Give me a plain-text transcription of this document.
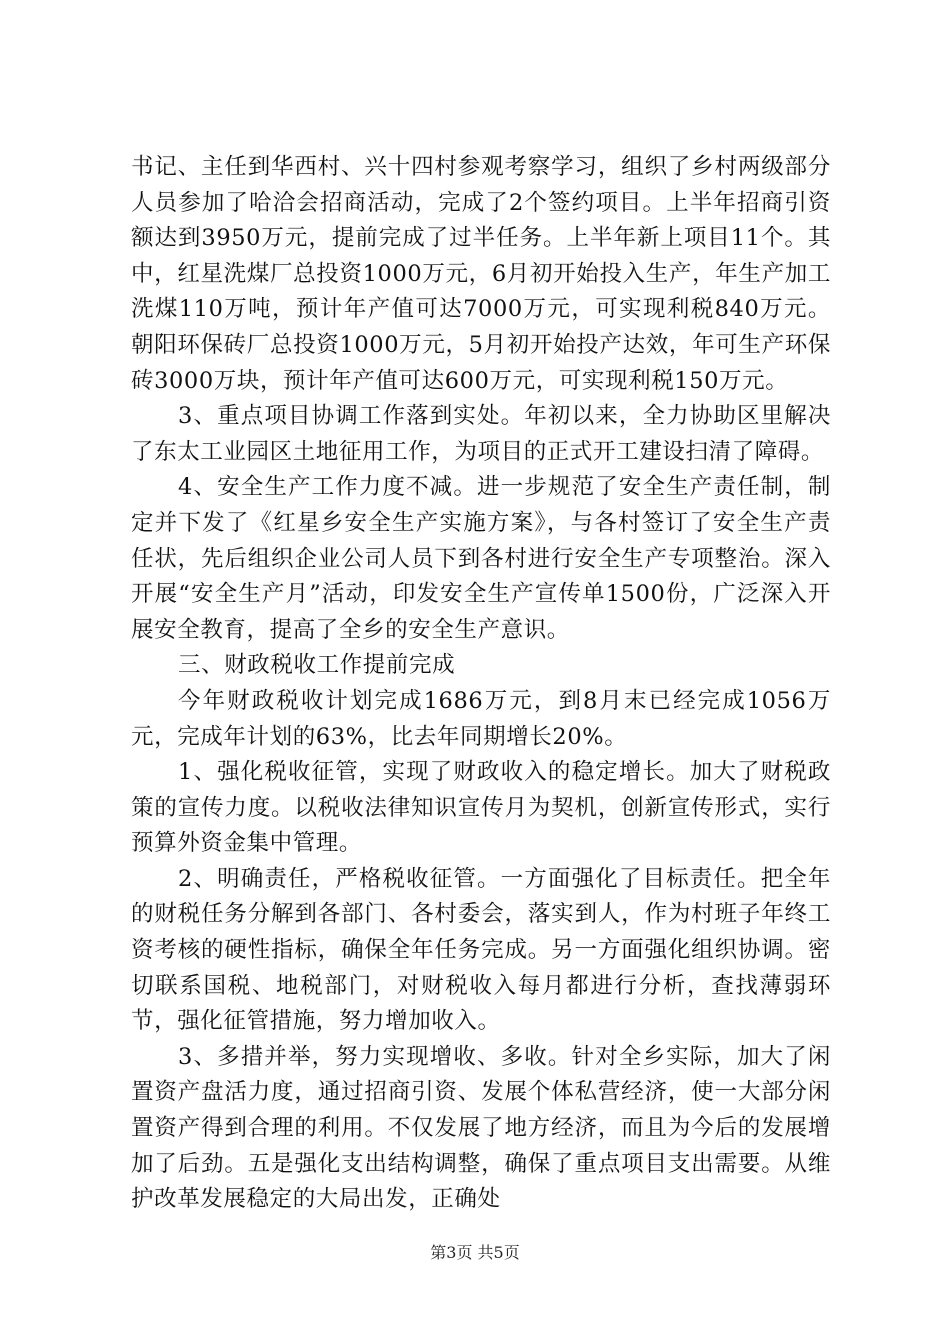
书记、主任到华西村、兴十四村参观考察学习，组织了乡村两级部分人员参加了哈洽会招商活动，完成了2个签约项目。上半年招商引资额达到3950万元，提前完成了过半任务。上半年新上项目11个。其中，红星洗煤厂总投资1000万元，6月初开始投入生产，年生产加工洗煤110万吨，预计年产值可达7000万元，可实现利税840万元。朝阳环保砖厂总投资1000万元，5月初开始投产达效，年可生产环保砖3000万块，预计年产值可达600万元，可实现利税150万元。

3、重点项目协调工作落到实处。年初以来，全力协助区里解决了东太工业园区土地征用工作，为项目的正式开工建设扫清了障碍。

4、安全生产工作力度不减。进一步规范了安全生产责任制，制定并下发了《红星乡安全生产实施方案》，与各村签订了安全生产责任状，先后组织企业公司人员下到各村进行安全生产专项整治。深入开展“安全生产月”活动，印发安全生产宣传单1500份，广泛深入开展安全教育，提高了全乡的安全生产意识。

三、财政税收工作提前完成

今年财政税收计划完成1686万元，到8月末已经完成1056万元，完成年计划的63%，比去年同期增长20%。

1、强化税收征管，实现了财政收入的稳定增长。加大了财税政策的宣传力度。以税收法律知识宣传月为契机，创新宣传形式，实行预算外资金集中管理。

2、明确责任，严格税收征管。一方面强化了目标责任。把全年的财税任务分解到各部门、各村委会，落实到人，作为村班子年终工资考核的硬性指标，确保全年任务完成。另一方面强化组织协调。密切联系国税、地税部门，对财税收入每月都进行分析，查找薄弱环节，强化征管措施，努力增加收入。

3、多措并举，努力实现增收、多收。针对全乡实际，加大了闲置资产盘活力度，通过招商引资、发展个体私营经济，使一大部分闲置资产得到合理的利用。不仅发展了地方经济，而且为今后的发展增加了后劲。五是强化支出结构调整，确保了重点项目支出需要。从维护改革发展稳定的大局出发，正确处

第3页 共5页
